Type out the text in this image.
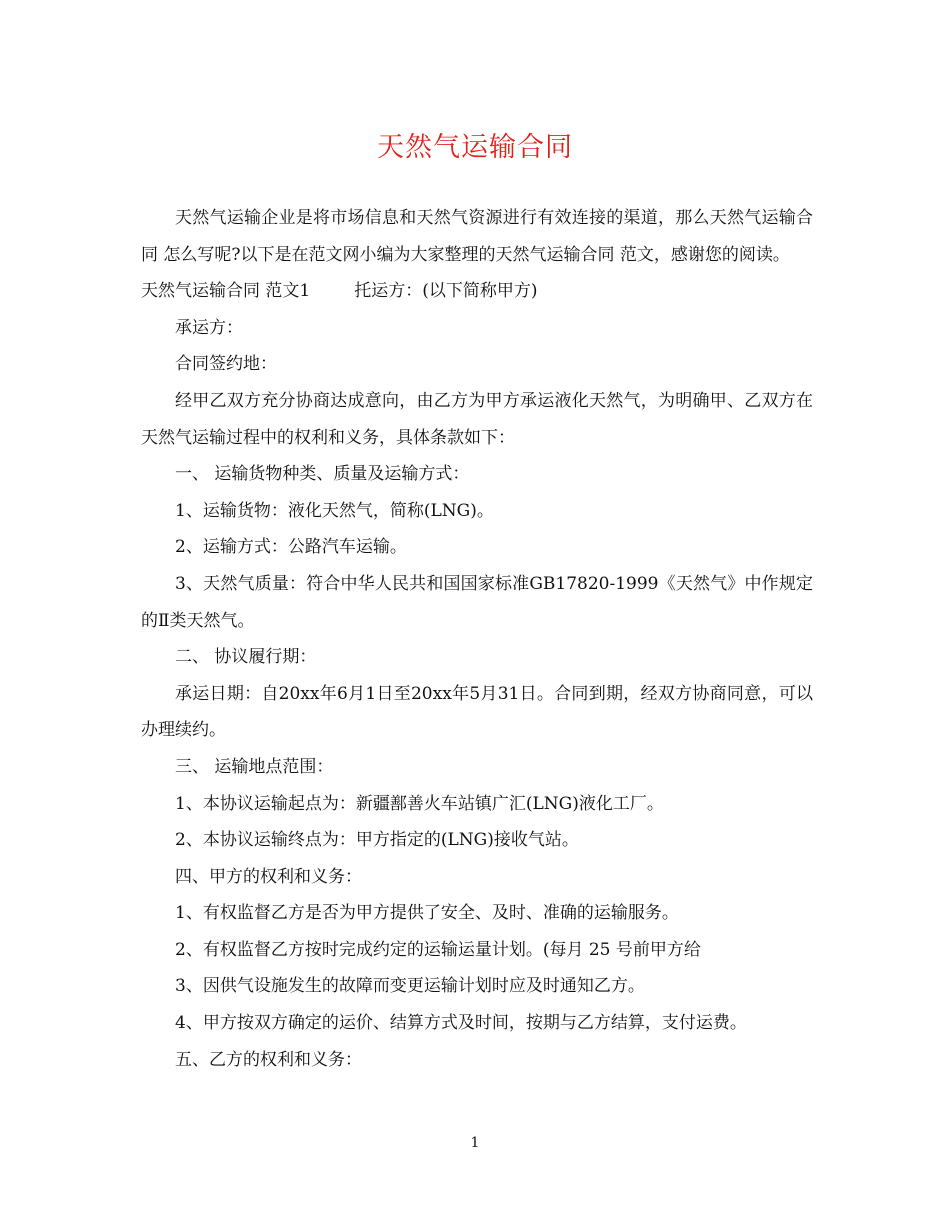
天然气运输合同

天然气运输企业是将市场信息和天然气资源进行有效连接的渠道，那么天然气运输合同 怎么写呢?以下是在范文网小编为大家整理的天然气运输合同 范文，感谢您的阅读。

天然气运输合同 范文1	托运方：(以下简称甲方)

承运方：

合同签约地：

经甲乙双方充分协商达成意向，由乙方为甲方承运液化天然气，为明确甲、乙双方在天然气运输过程中的权利和义务，具体条款如下：

一、 运输货物种类、质量及运输方式：

1、运输货物：液化天然气，简称(LNG)。

2、运输方式：公路汽车运输。

3、天然气质量：符合中华人民共和国国家标准GB17820-1999《天然气》中作规定的Ⅱ类天然气。

二、 协议履行期：

承运日期：自20xx年6月1日至20xx年5月31日。合同到期，经双方协商同意，可以办理续约。

三、 运输地点范围：

1、本协议运输起点为：新疆鄯善火车站镇广汇(LNG)液化工厂。

2、本协议运输终点为：甲方指定的(LNG)接收气站。

四、甲方的权利和义务：

1、有权监督乙方是否为甲方提供了安全、及时、准确的运输服务。

2、有权监督乙方按时完成约定的运输运量计划。(每月 25 号前甲方给

3、因供气设施发生的故障而变更运输计划时应及时通知乙方。

4、甲方按双方确定的运价、结算方式及时间，按期与乙方结算，支付运费。

五、乙方的权利和义务：

1
